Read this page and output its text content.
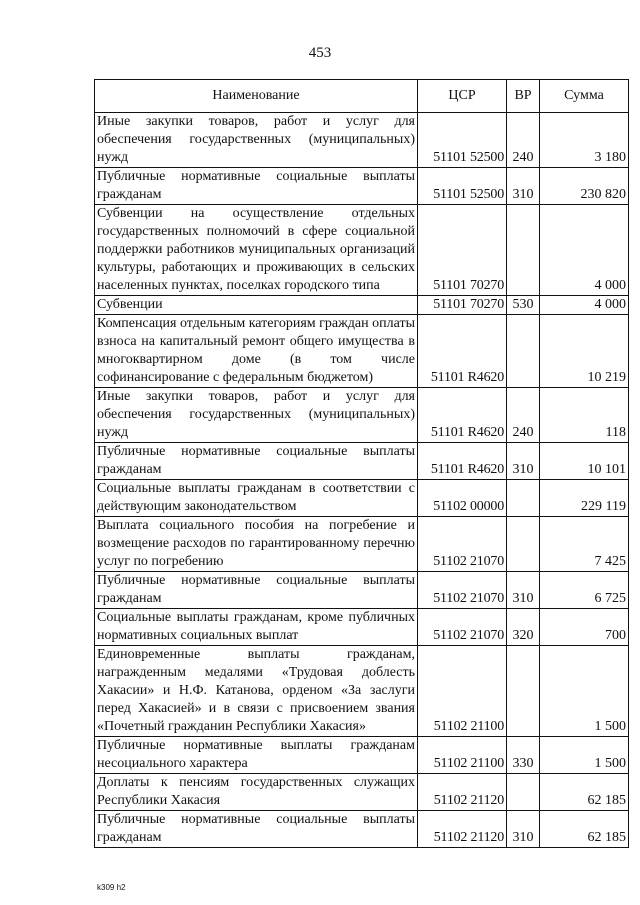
453
Наименование	ЦСР	ВР	Сумма
Иные закупки товаров, работ и услуг для обеспечения государственных (муниципальных) нужд	51101 52500	240	3 180
Публичные нормативные социальные выплаты гражданам	51101 52500	310	230 820
Субвенции на осуществление отдельных государственных полномочий в сфере социальной поддержки работников муниципальных организаций культуры, работающих и проживающих в сельских населенных пунктах, поселках городского типа	51101 70270		4 000
Субвенции	51101 70270	530	4 000
Компенсация отдельным категориям граждан оплаты взноса на капитальный ремонт общего имущества в многоквартирном доме (в том числе софинансирование с федеральным бюджетом)	51101 R4620		10 219
Иные закупки товаров, работ и услуг для обеспечения государственных (муниципальных) нужд	51101 R4620	240	118
Публичные нормативные социальные выплаты гражданам	51101 R4620	310	10 101
Социальные выплаты гражданам в соответствии с действующим законодательством	51102 00000		229 119
Выплата социального пособия на погребение и возмещение расходов по гарантированному перечню услуг по погребению	51102 21070		7 425
Публичные нормативные социальные выплаты гражданам	51102 21070	310	6 725
Социальные выплаты гражданам, кроме публичных нормативных социальных выплат	51102 21070	320	700
Единовременные выплаты гражданам, награжденным медалями «Трудовая доблесть Хакасии» и Н.Ф. Катанова, орденом «За заслуги перед Хакасией» и в связи с присвоением звания «Почетный гражданин Республики Хакасия»	51102 21100		1 500
Публичные нормативные выплаты гражданам несоциального характера	51102 21100	330	1 500
Доплаты к пенсиям государственных служащих Республики Хакасия	51102 21120		62 185
Публичные нормативные социальные выплаты гражданам	51102 21120	310	62 185
k309 h2
